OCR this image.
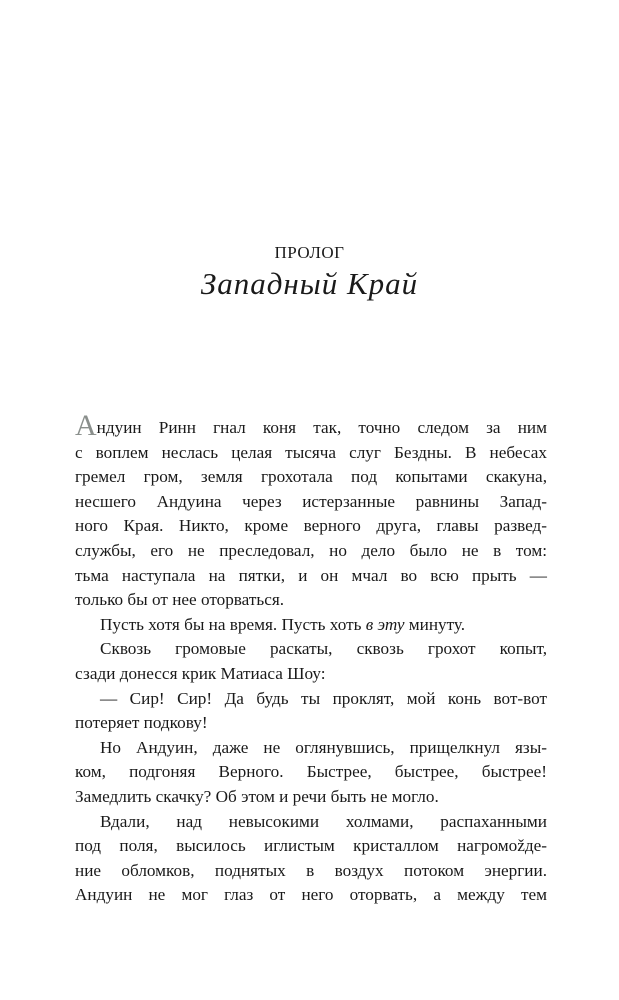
ПРОЛОГ
Западный Край

Андуин Ринн гнал коня так, точно следом за ним

с воплем неслась целая тысяча слуг Бездны. В небесах

гремел гром, земля грохотала под копытами скакуна,

несшего Андуина через истерзанные равнины Запад-

ного Края. Никто, кроме верного друга, главы развед-

службы, его не преследовал, но дело было не в том:

тьма наступала на пятки, и он мчал во всю прыть —

только бы от нее оторваться.

Пусть хотя бы на время. Пусть хоть в эту минуту.

Сквозь громовые раскаты, сквозь грохот копыт,

сзади донесся крик Матиаса Шоу:

— Сир! Сир! Да будь ты проклят, мой конь вот-вот

потеряет подкову!

Но Андуин, даже не оглянувшись, прищелкнул язы-

ком, подгоняя Верного. Быстрее, быстрее, быстрее!

Замедлить скачку? Об этом и речи быть не могло.

Вдали, над невысокими холмами, распаханными

под поля, высилось иглистым кристаллом нагромožде-

ние обломков, поднятых в воздух потоком энергии.

Андуин не мог глаз от него оторвать, а между тем
